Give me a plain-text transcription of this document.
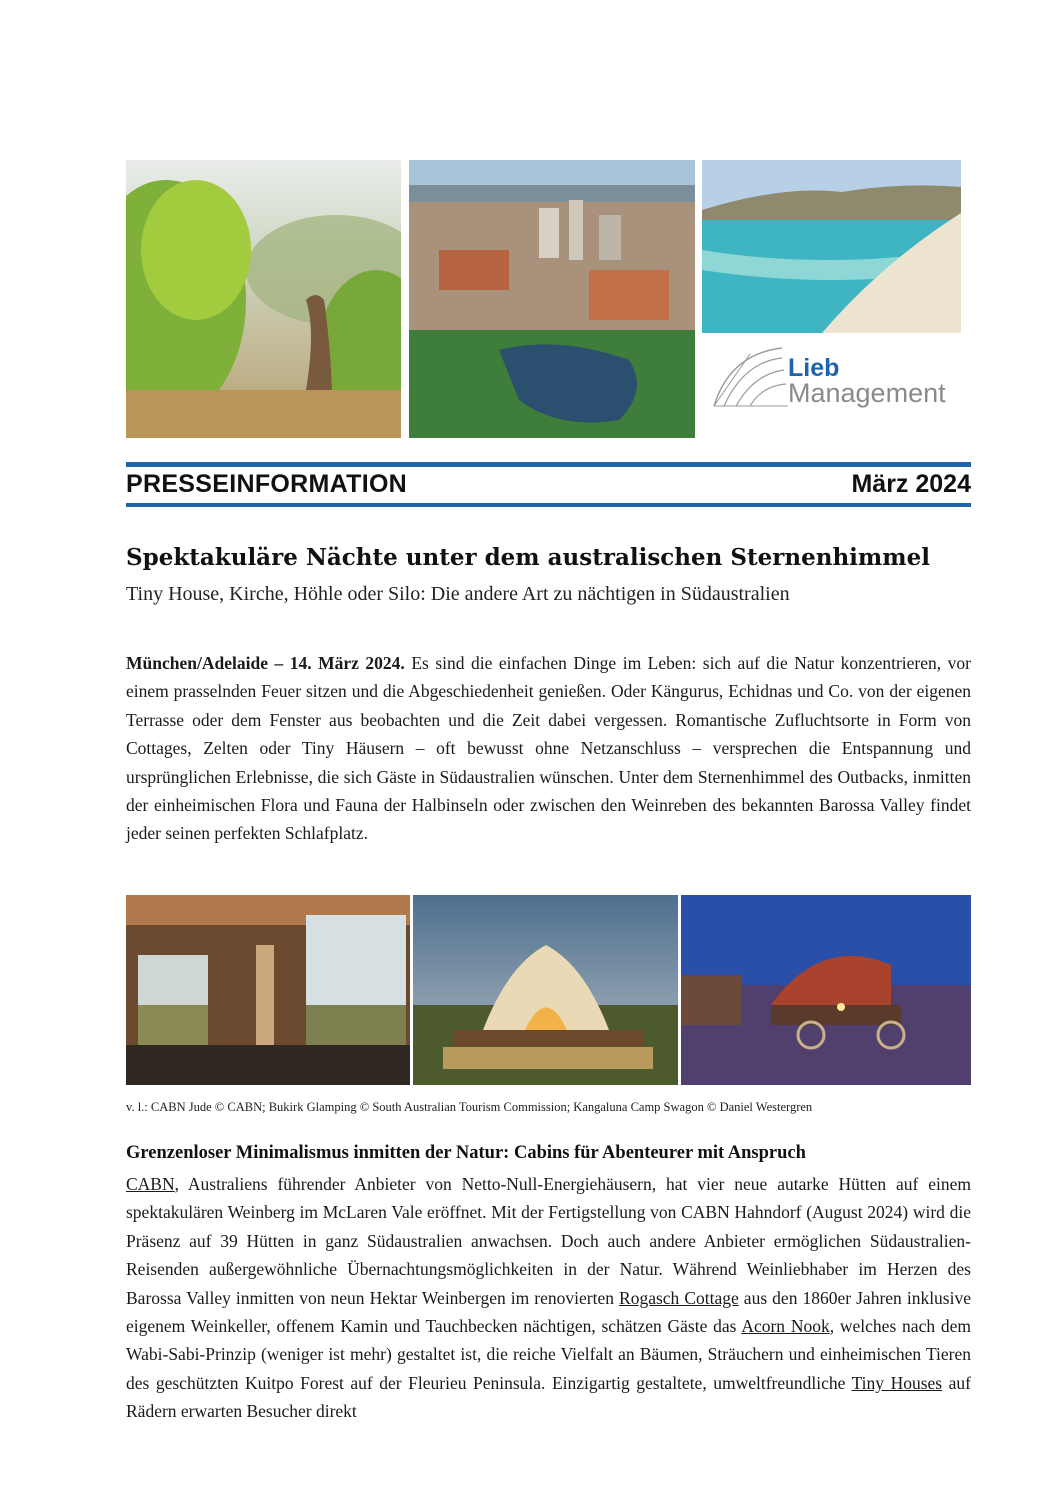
Lieb
Management
PRESSEINFORMATION	März 2024
Spektakuläre Nächte unter dem australischen Sternenhimmel
Tiny House, Kirche, Höhle oder Silo: Die andere Art zu nächtigen in Südaustralien
München/Adelaide – 14. März 2024. Es sind die einfachen Dinge im Leben: sich auf die Natur konzentrieren, vor einem prasselnden Feuer sitzen und die Abgeschiedenheit genießen. Oder Kängurus, Echidnas und Co. von der eigenen Terrasse oder dem Fenster aus beobachten und die Zeit dabei vergessen. Romantische Zufluchtsorte in Form von Cottages, Zelten oder Tiny Häusern – oft bewusst ohne Netzanschluss – versprechen die Entspannung und ursprünglichen Erlebnisse, die sich Gäste in Südaustralien wünschen. Unter dem Sternenhimmel des Outbacks, inmitten der einheimischen Flora und Fauna der Halbinseln oder zwischen den Weinreben des bekannten Barossa Valley findet jeder seinen perfekten Schlafplatz.
v. l.: CABN Jude © CABN; Bukirk Glamping © South Australian Tourism Commission; Kangaluna Camp Swagon © Daniel Westergren
Grenzenloser Minimalismus inmitten der Natur: Cabins für Abenteurer mit Anspruch
CABN, Australiens führender Anbieter von Netto-Null-Energiehäusern, hat vier neue autarke Hütten auf einem spektakulären Weinberg im McLaren Vale eröffnet. Mit der Fertigstellung von CABN Hahndorf (August 2024) wird die Präsenz auf 39 Hütten in ganz Südaustralien anwachsen. Doch auch andere Anbieter ermöglichen Südaustralien-Reisenden außergewöhnliche Übernachtungsmöglichkeiten in der Natur. Während Weinliebhaber im Herzen des Barossa Valley inmitten von neun Hektar Weinbergen im renovierten Rogasch Cottage aus den 1860er Jahren inklusive eigenem Weinkeller, offenem Kamin und Tauchbecken nächtigen, schätzen Gäste das Acorn Nook, welches nach dem Wabi-Sabi-Prinzip (weniger ist mehr) gestaltet ist, die reiche Vielfalt an Bäumen, Sträuchern und einheimischen Tieren des geschützten Kuitpo Forest auf der Fleurieu Peninsula. Einzigartig gestaltete, umweltfreundliche Tiny Houses auf Rädern erwarten Besucher direkt
